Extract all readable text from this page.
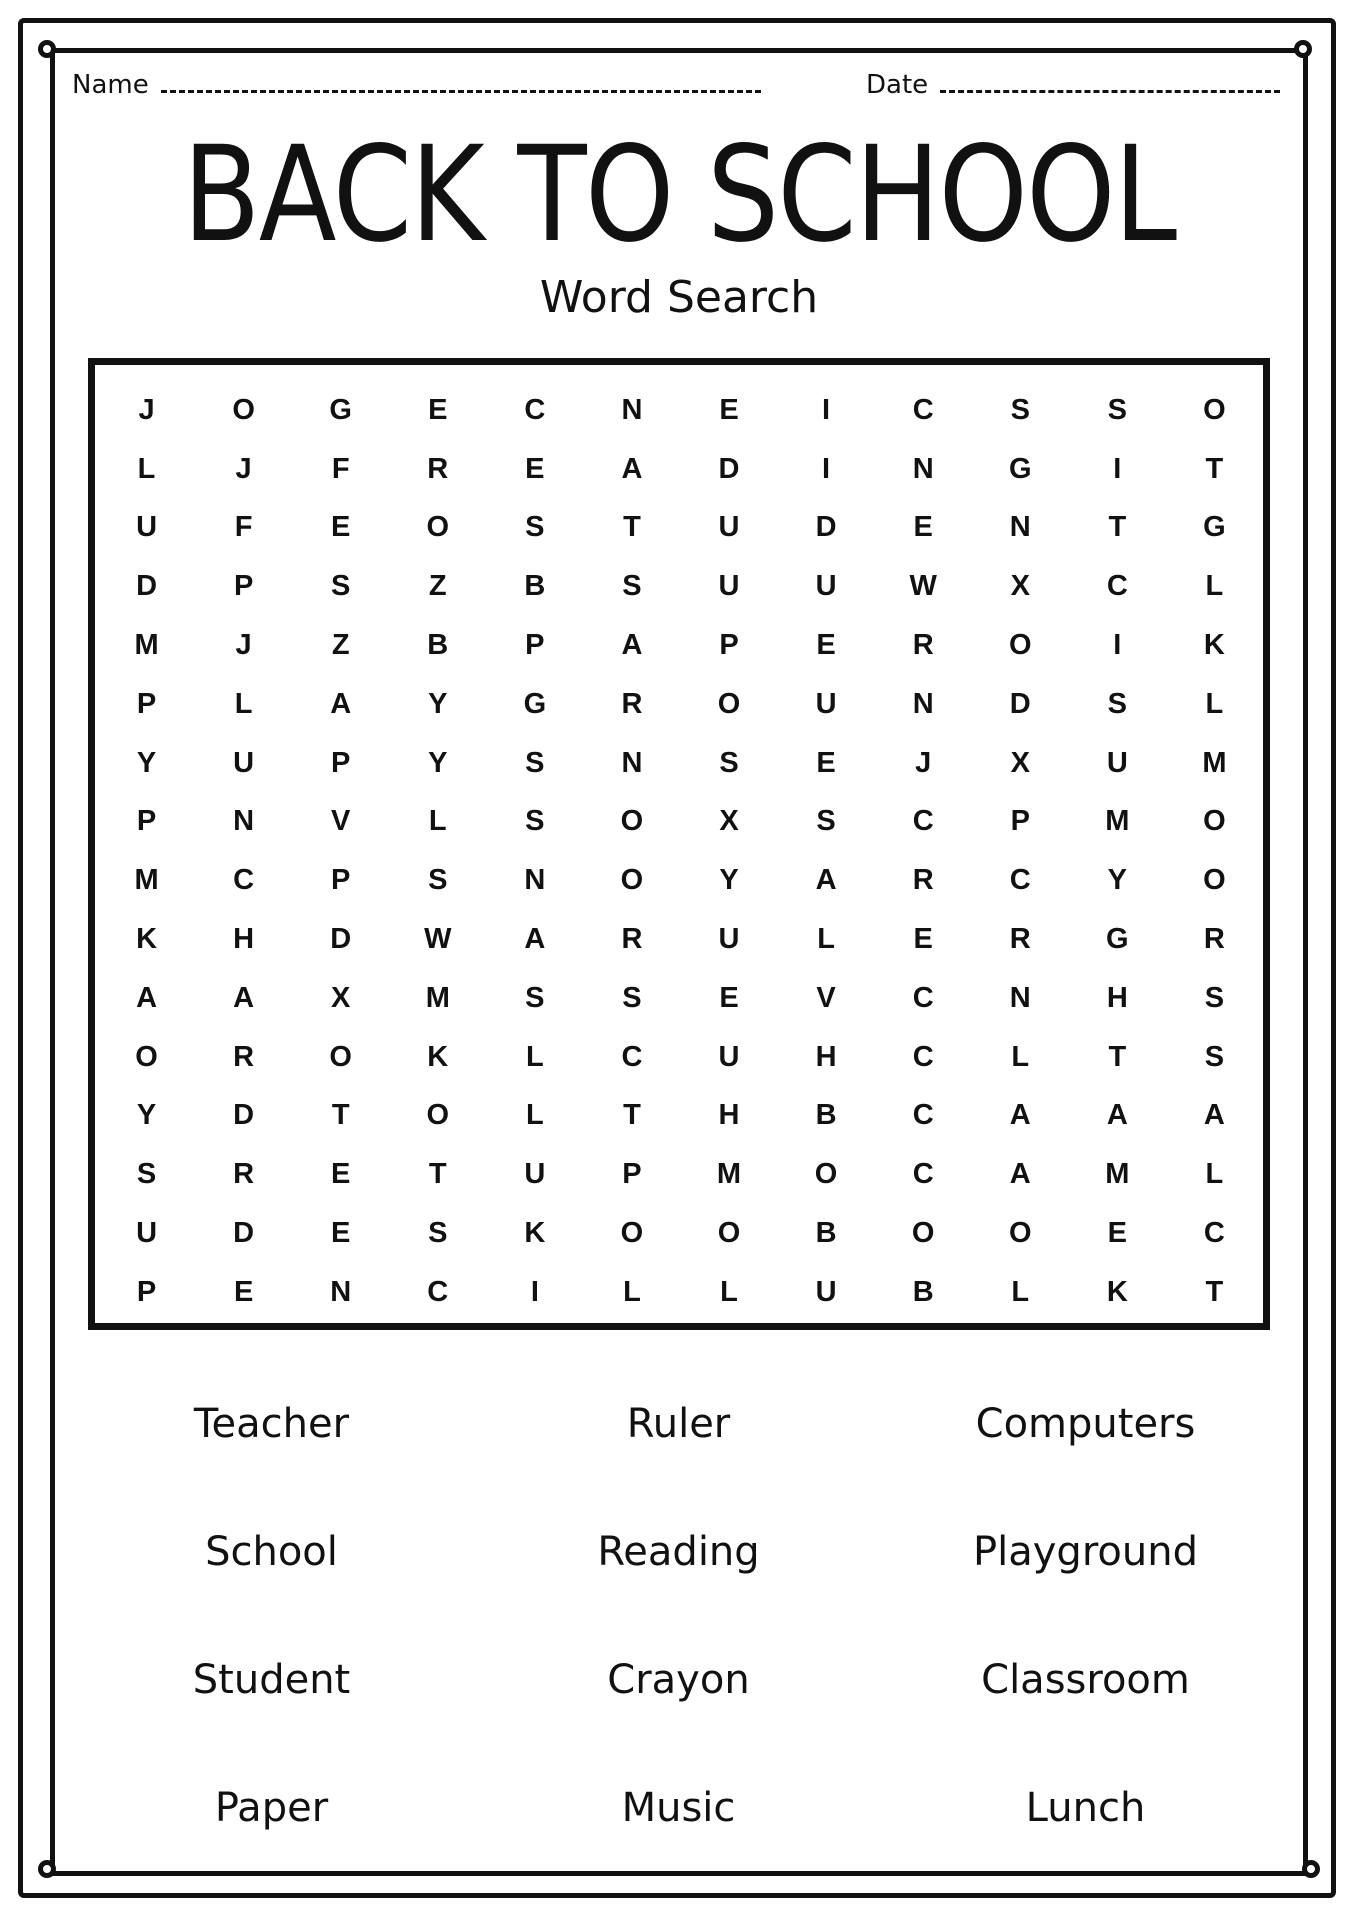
Name	Date
BACK TO SCHOOL
Word Search
J	O	G	E	C	N	E	I	C	S	S	O
L	J	F	R	E	A	D	I	N	G	I	T
U	F	E	O	S	T	U	D	E	N	T	G
D	P	S	Z	B	S	U	U	W	X	C	L
M	J	Z	B	P	A	P	E	R	O	I	K
P	L	A	Y	G	R	O	U	N	D	S	L
Y	U	P	Y	S	N	S	E	J	X	U	M
P	N	V	L	S	O	X	S	C	P	M	O
M	C	P	S	N	O	Y	A	R	C	Y	O
K	H	D	W	A	R	U	L	E	R	G	R
A	A	X	M	S	S	E	V	C	N	H	S
O	R	O	K	L	C	U	H	C	L	T	S
Y	D	T	O	L	T	H	B	C	A	A	A
S	R	E	T	U	P	M	O	C	A	M	L
U	D	E	S	K	O	O	B	O	O	E	C
P	E	N	C	I	L	L	U	B	L	K	T
Teacher	Ruler	Computers
School	Reading	Playground
Student	Crayon	Classroom
Paper	Music	Lunch
